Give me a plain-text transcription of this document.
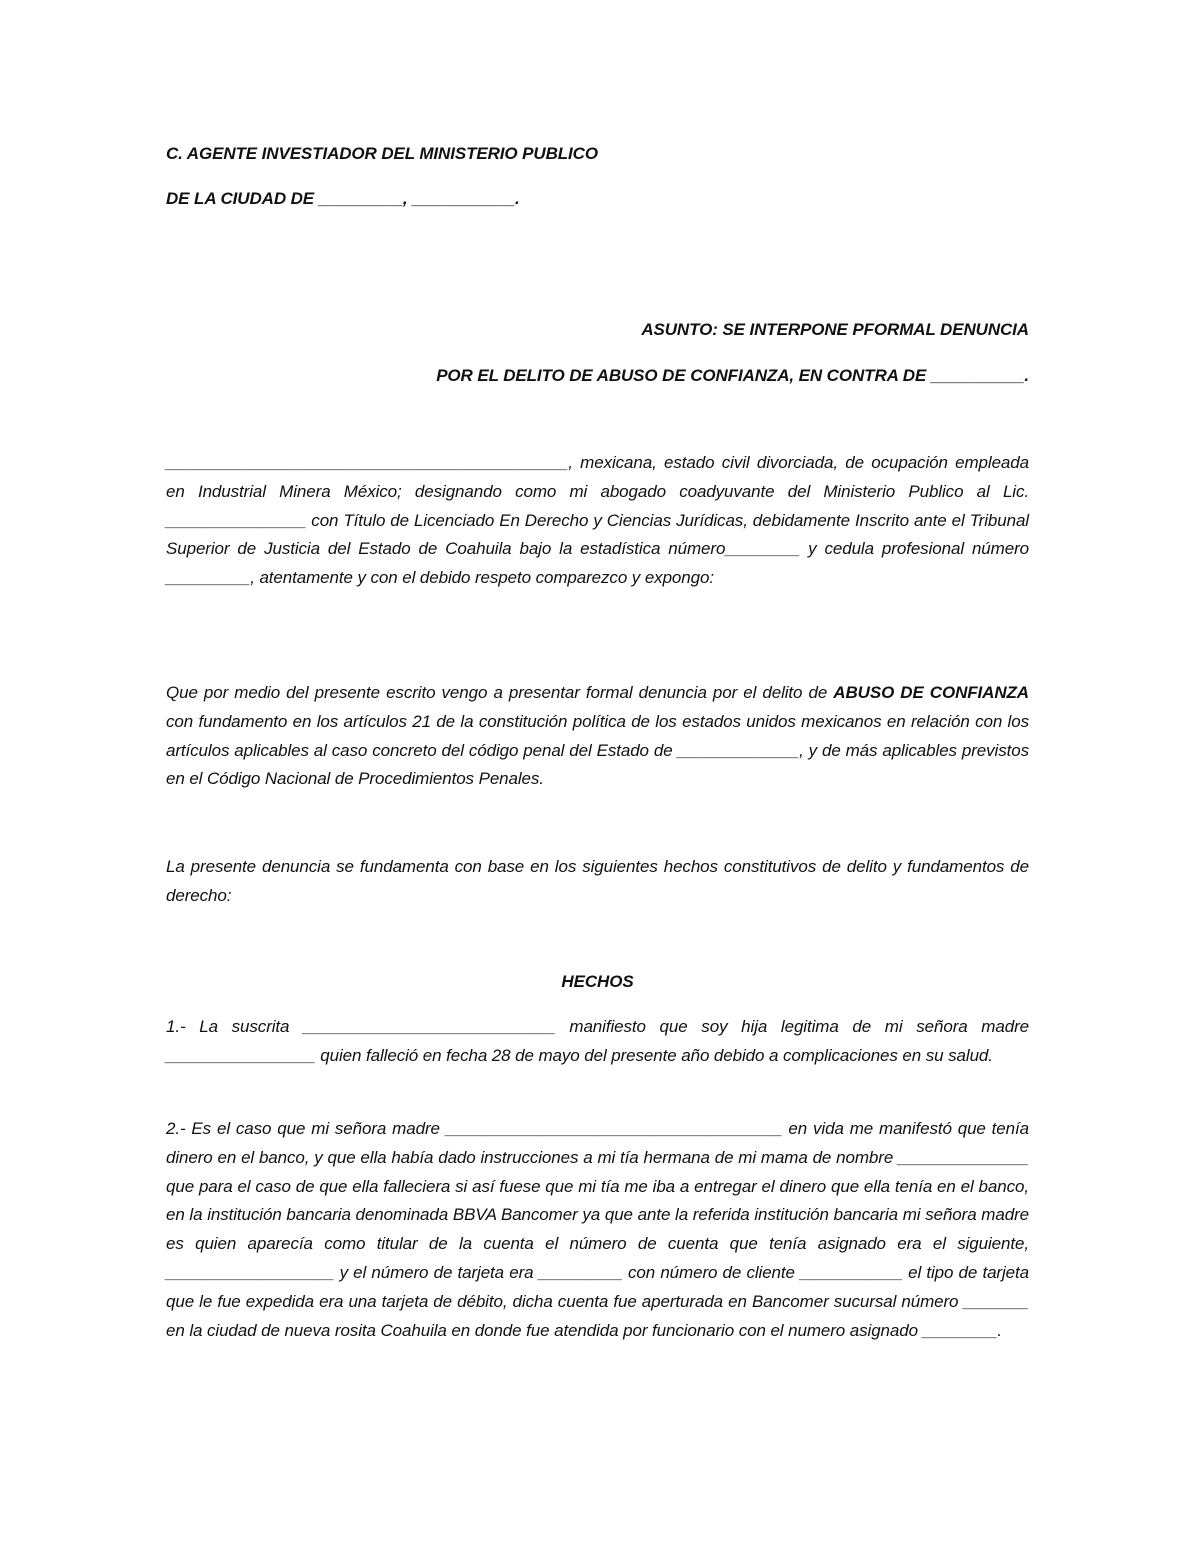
C. AGENTE INVESTIADOR DEL MINISTERIO PUBLICO
DE LA CIUDAD DE _________, ___________.
ASUNTO: SE INTERPONE PFORMAL DENUNCIA
POR EL DELITO DE ABUSO DE CONFIANZA, EN CONTRA DE __________.
___________________________________________, mexicana, estado civil divorciada, de ocupación empleada en Industrial Minera México; designando como mi abogado coadyuvante del Ministerio Publico al Lic. _______________ con Título de Licenciado En Derecho y Ciencias Jurídicas, debidamente Inscrito ante el Tribunal Superior de Justicia del Estado de Coahuila bajo la estadística número________ y cedula profesional número _________, atentamente y con el debido respeto comparezco y expongo:
Que por medio del presente escrito vengo a presentar formal denuncia por el delito de ABUSO DE CONFIANZA con fundamento en los artículos 21 de la constitución política de los estados unidos mexicanos en relación con los artículos aplicables al caso concreto del código penal del Estado de _____________, y de más aplicables previstos en el Código Nacional de Procedimientos Penales.
La presente denuncia se fundamenta con base en los siguientes hechos constitutivos de delito y fundamentos de derecho:
HECHOS
1.- La suscrita ___________________________ manifiesto que soy hija legitima de mi señora madre ________________ quien falleció en fecha 28 de mayo del presente año debido a complicaciones en su salud.
2.- Es el caso que mi señora madre ____________________________________ en vida me manifestó que tenía dinero en el banco, y que ella había dado instrucciones a mi tía hermana de mi mama de nombre ______________ que para el caso de que ella falleciera si así fuese que mi tía me iba a entregar el dinero que ella tenía en el banco, en la institución bancaria denominada BBVA Bancomer ya que ante la referida institución bancaria mi señora madre es quien aparecía como titular de la cuenta el número de cuenta que tenía asignado era el siguiente, __________________ y el número de tarjeta era _________ con número de cliente ___________ el tipo de tarjeta que le fue expedida era una tarjeta de débito, dicha cuenta fue aperturada en Bancomer sucursal número _______ en la ciudad de nueva rosita Coahuila en donde fue atendida por funcionario con el numero asignado ________.
